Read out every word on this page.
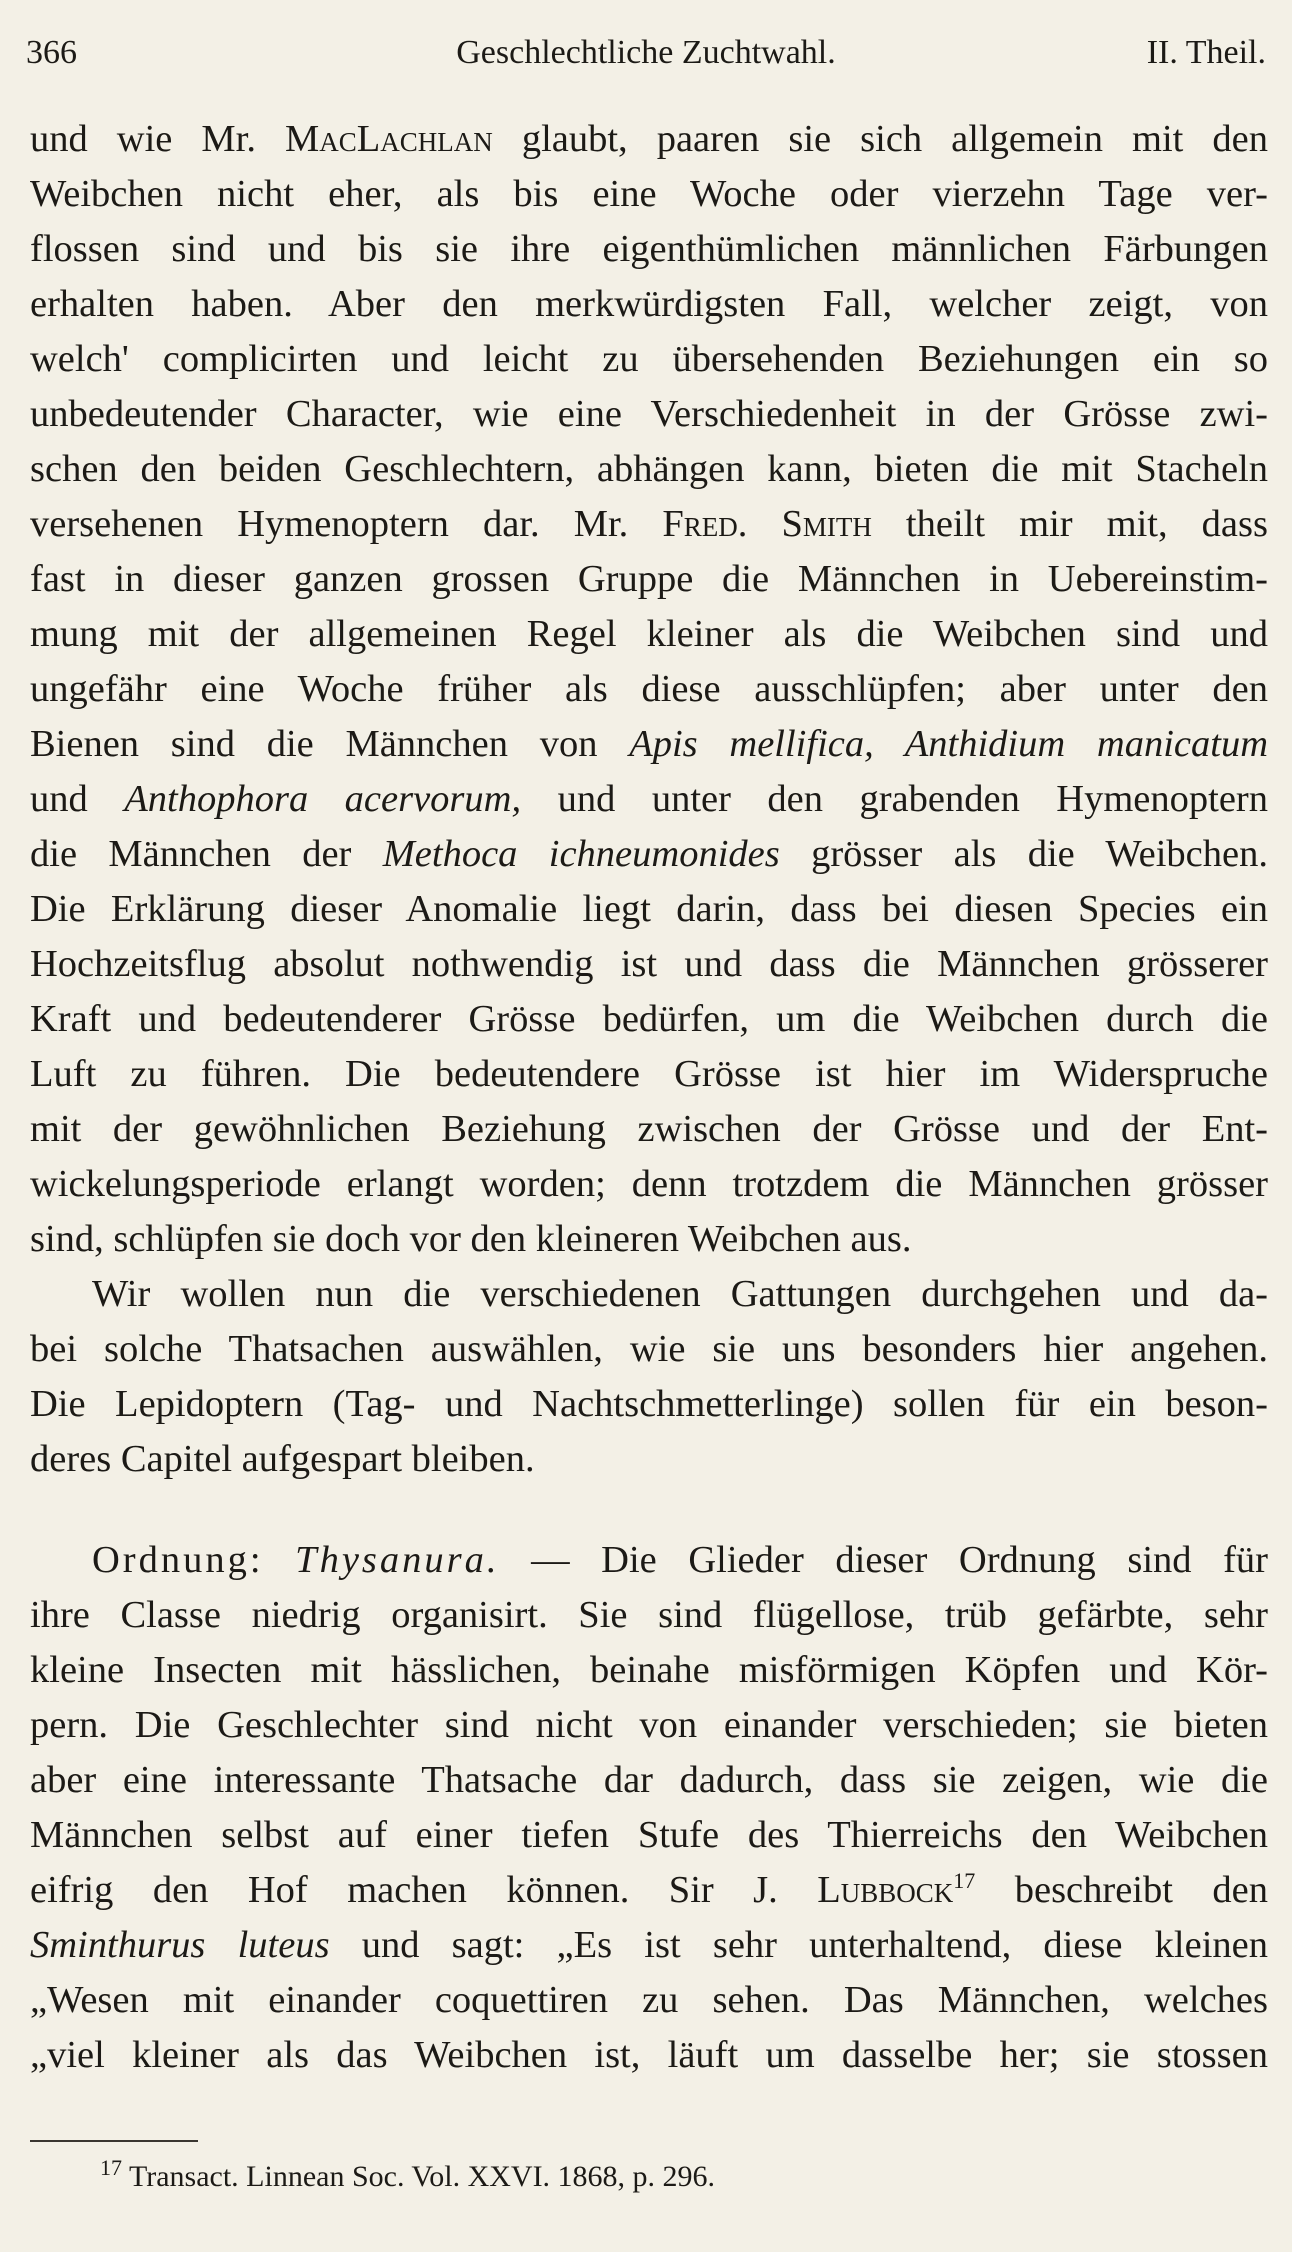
366	Geschlechtliche Zuchtwahl.	II. Theil.
und wie Mr. MacLachlan glaubt, paaren sie sich allgemein mit den
Weibchen nicht eher, als bis eine Woche oder vierzehn Tage ver-
flossen sind und bis sie ihre eigenthümlichen männlichen Färbungen
erhalten haben. Aber den merkwürdigsten Fall, welcher zeigt, von
welch' complicirten und leicht zu übersehenden Beziehungen ein so
unbedeutender Character, wie eine Verschiedenheit in der Grösse zwi-
schen den beiden Geschlechtern, abhängen kann, bieten die mit Stacheln
versehenen Hymenoptern dar. Mr. Fred. Smith theilt mir mit, dass
fast in dieser ganzen grossen Gruppe die Männchen in Uebereinstim-
mung mit der allgemeinen Regel kleiner als die Weibchen sind und
ungefähr eine Woche früher als diese ausschlüpfen; aber unter den
Bienen sind die Männchen von Apis mellifica, Anthidium manicatum
und Anthophora acervorum, und unter den grabenden Hymenoptern
die Männchen der Methoca ichneumonides grösser als die Weibchen.
Die Erklärung dieser Anomalie liegt darin, dass bei diesen Species ein
Hochzeitsflug absolut nothwendig ist und dass die Männchen grösserer
Kraft und bedeutenderer Grösse bedürfen, um die Weibchen durch die
Luft zu führen. Die bedeutendere Grösse ist hier im Widerspruche
mit der gewöhnlichen Beziehung zwischen der Grösse und der Ent-
wickelungsperiode erlangt worden; denn trotzdem die Männchen grösser
sind, schlüpfen sie doch vor den kleineren Weibchen aus.
Wir wollen nun die verschiedenen Gattungen durchgehen und da-
bei solche Thatsachen auswählen, wie sie uns besonders hier angehen.
Die Lepidoptern (Tag- und Nachtschmetterlinge) sollen für ein beson-
deres Capitel aufgespart bleiben.
Ordnung: Thysanura. — Die Glieder dieser Ordnung sind für
ihre Classe niedrig organisirt. Sie sind flügellose, trüb gefärbte, sehr
kleine Insecten mit hässlichen, beinahe misförmigen Köpfen und Kör-
pern. Die Geschlechter sind nicht von einander verschieden; sie bieten
aber eine interessante Thatsache dar dadurch, dass sie zeigen, wie die
Männchen selbst auf einer tiefen Stufe des Thierreichs den Weibchen
eifrig den Hof machen können. Sir J. Lubbock$^{17}$ beschreibt den
Sminthurus luteus und sagt: „Es ist sehr unterhaltend, diese kleinen
„Wesen mit einander coquettiren zu sehen. Das Männchen, welches
„viel kleiner als das Weibchen ist, läuft um dasselbe her; sie stossen
$^{17}$ Transact. Linnean Soc. Vol. XXVI. 1868, p. 296.
